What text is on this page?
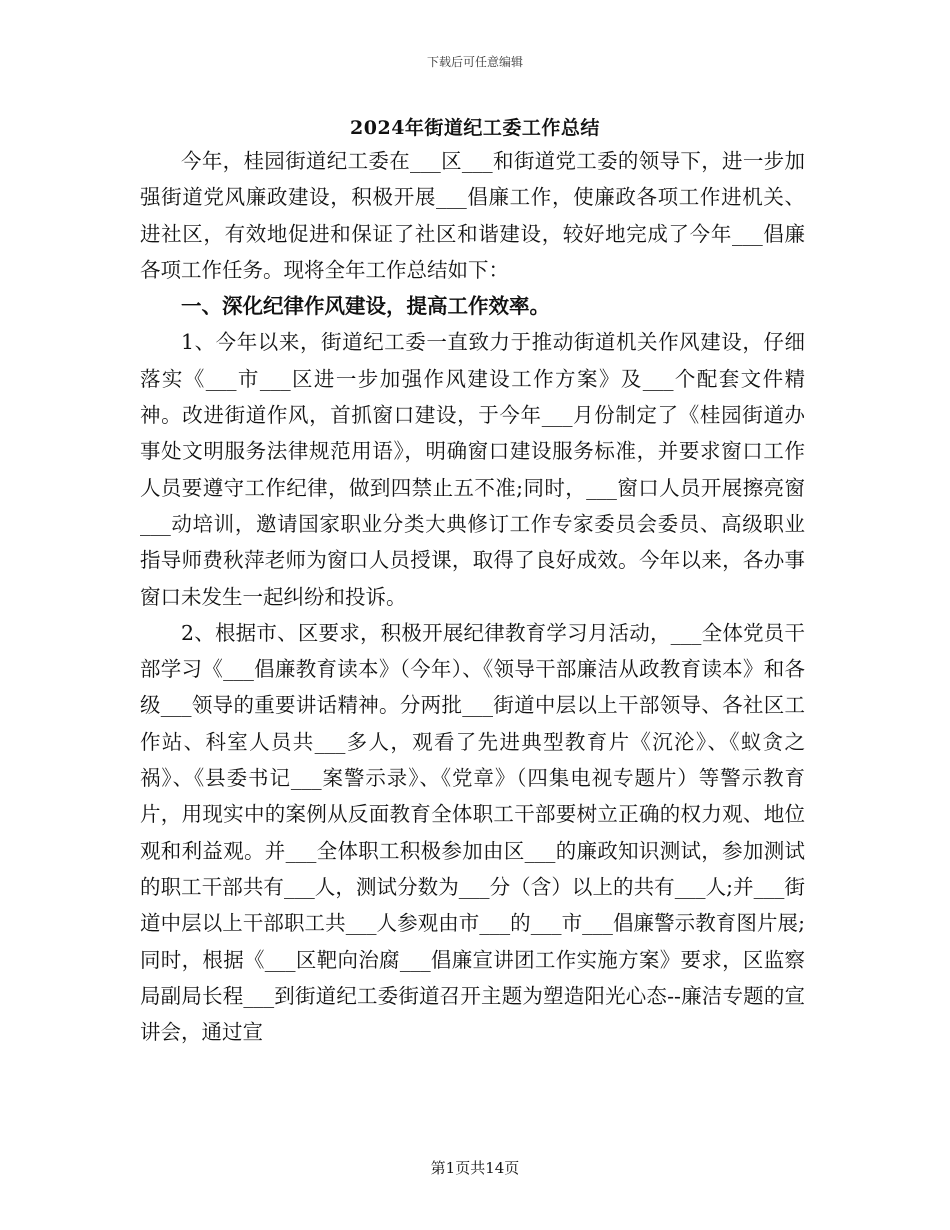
下载后可任意编辑
2024年街道纪工委工作总结

今年，桂园街道纪工委在___区___和街道党工委的领导下，进一步加强街道党风廉政建设，积极开展___倡廉工作，使廉政各项工作进机关、进社区，有效地促进和保证了社区和谐建设，较好地完成了今年___倡廉各项工作任务。现将全年工作总结如下：

一、深化纪律作风建设，提高工作效率。

1、今年以来，街道纪工委一直致力于推动街道机关作风建设，仔细落实《___市___区进一步加强作风建设工作方案》及___个配套文件精神。改进街道作风，首抓窗口建设，于今年___月份制定了《桂园街道办事处文明服务法律规范用语》，明确窗口建设服务标准，并要求窗口工作人员要遵守工作纪律，做到四禁止五不准;同时，___窗口人员开展擦亮窗___动培训，邀请国家职业分类大典修订工作专家委员会委员、高级职业指导师费秋萍老师为窗口人员授课，取得了良好成效。今年以来，各办事窗口未发生一起纠纷和投诉。

2、根据市、区要求，积极开展纪律教育学习月活动，___全体党员干部学习《___倡廉教育读本》（今年）、《领导干部廉洁从政教育读本》和各级___领导的重要讲话精神。分两批___街道中层以上干部领导、各社区工作站、科室人员共___多人，观看了先进典型教育片《沉沦》、《蚁贪之祸》、《县委书记___案警示录》、《党章》（四集电视专题片）等警示教育片，用现实中的案例从反面教育全体职工干部要树立正确的权力观、地位观和利益观。并___全体职工积极参加由区___的廉政知识测试，参加测试的职工干部共有___人，测试分数为___分（含）以上的共有___人;并___街道中层以上干部职工共___人参观由市___的___市___倡廉警示教育图片展;同时，根据《___区靶向治腐___倡廉宣讲团工作实施方案》要求，区监察局副局长程___到街道纪工委街道召开主题为塑造阳光心态--廉洁专题的宣讲会，通过宣

第1页共14页
